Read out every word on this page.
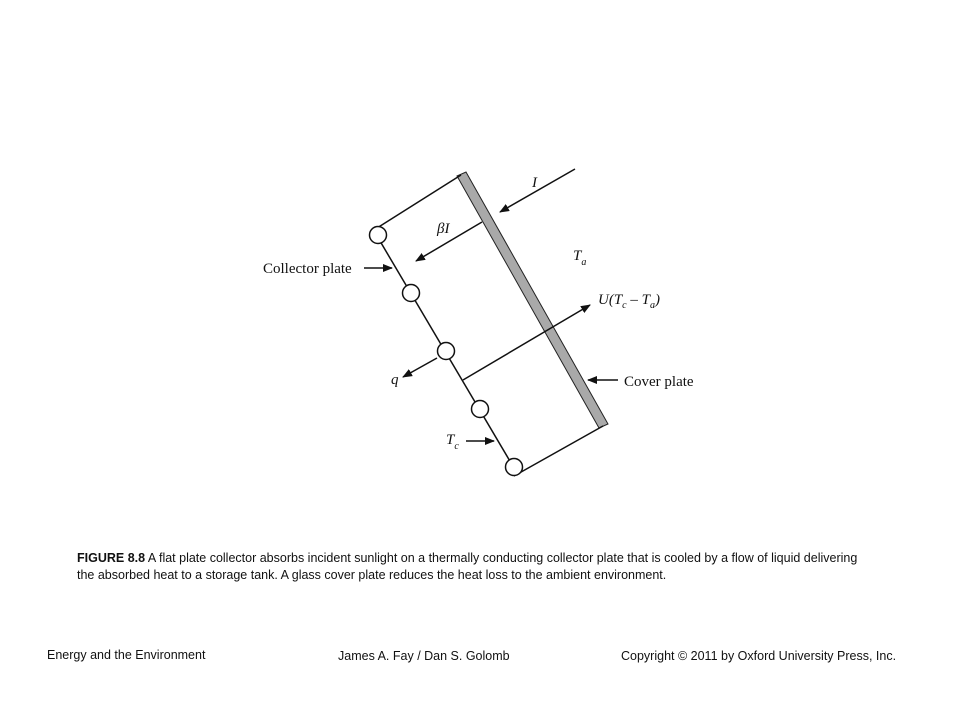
I
βI
$T_a$
$U(T_c - T_a)$
Collector plate
q	Cover plate
$T_c$
FIGURE 8.8 A flat plate collector absorbs incident sunlight on a thermally conducting collector plate that is cooled by a flow of liquid delivering the absorbed heat to a storage tank. A glass cover plate reduces the heat loss to the ambient environment.
Energy and the Environment	James A. Fay / Dan S. Golomb	Copyright © 2011 by Oxford University Press, Inc.
